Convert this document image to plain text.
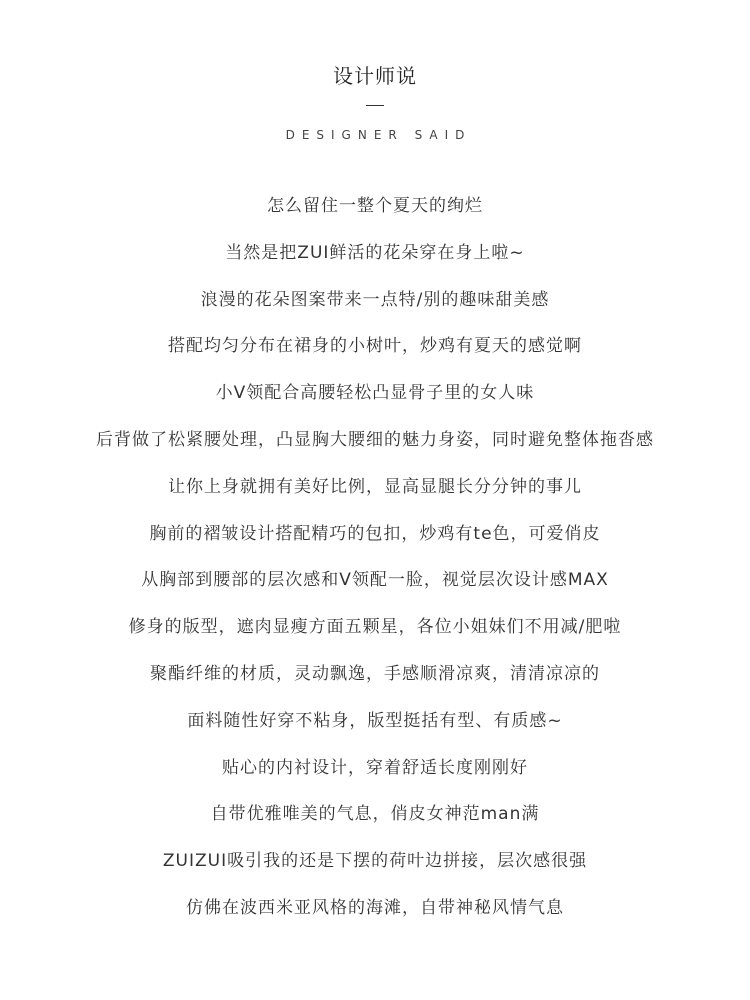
设计师说
DESIGNER SAID
怎么留住一整个夏天的绚烂
当然是把ZUI鲜活的花朵穿在身上啦~
浪漫的花朵图案带来一点特/别的趣味甜美感
搭配均匀分布在裙身的小树叶，炒鸡有夏天的感觉啊
小V领配合高腰轻松凸显骨子里的女人味
后背做了松紧腰处理，凸显胸大腰细的魅力身姿，同时避免整体拖沓感
让你上身就拥有美好比例，显高显腿长分分钟的事儿
胸前的褶皱设计搭配精巧的包扣，炒鸡有te色，可爱俏皮
从胸部到腰部的层次感和V领配一脸，视觉层次设计感MAX
修身的版型，遮肉显瘦方面五颗星，各位小姐妹们不用减/肥啦
聚酯纤维的材质，灵动飘逸，手感顺滑凉爽，清清凉凉的
面料随性好穿不粘身，版型挺括有型、有质感~
贴心的内衬设计，穿着舒适长度刚刚好
自带优雅唯美的气息，俏皮女神范man满
ZUIZUI吸引我的还是下摆的荷叶边拼接，层次感很强
仿佛在波西米亚风格的海滩，自带神秘风情气息
